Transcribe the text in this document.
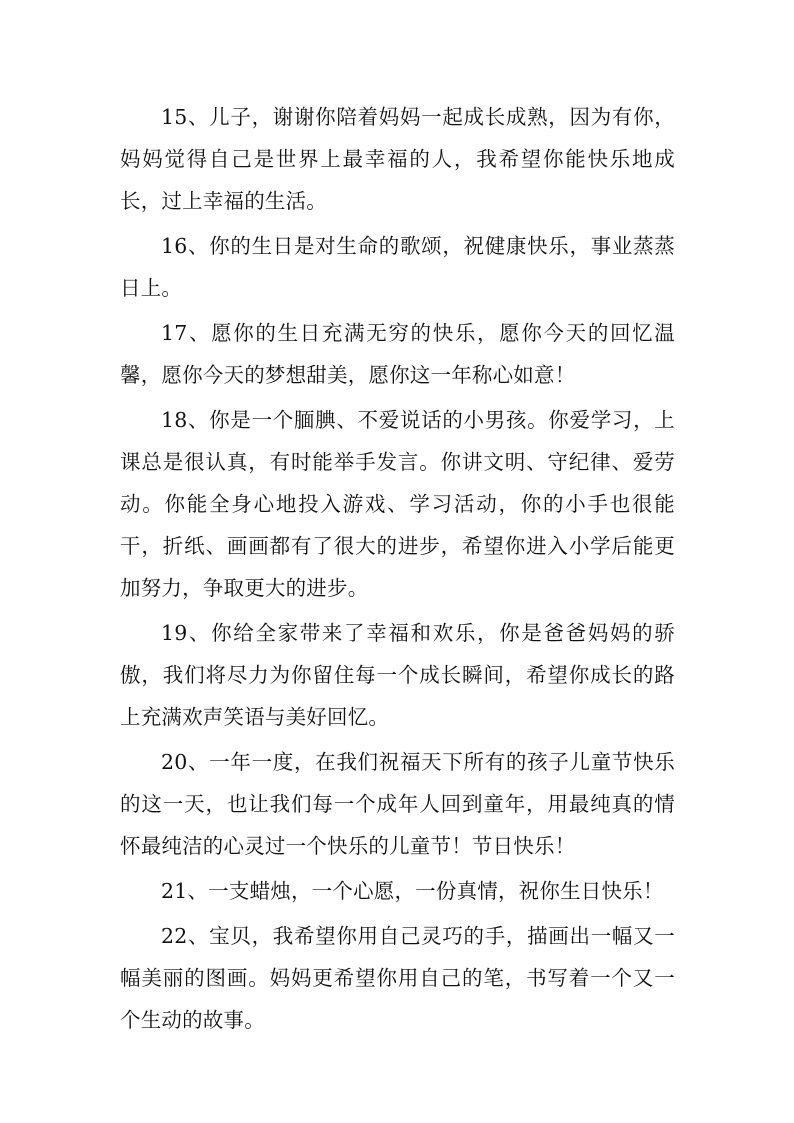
15、儿子，谢谢你陪着妈妈一起成长成熟，因为有你，妈妈觉得自己是世界上最幸福的人，我希望你能快乐地成长，过上幸福的生活。

16、你的生日是对生命的歌颂，祝健康快乐，事业蒸蒸日上。

17、愿你的生日充满无穷的快乐，愿你今天的回忆温馨，愿你今天的梦想甜美，愿你这一年称心如意！

18、你是一个腼腆、不爱说话的小男孩。你爱学习，上课总是很认真，有时能举手发言。你讲文明、守纪律、爱劳动。你能全身心地投入游戏、学习活动，你的小手也很能干，折纸、画画都有了很大的进步，希望你进入小学后能更加努力，争取更大的进步。

19、你给全家带来了幸福和欢乐，你是爸爸妈妈的骄傲，我们将尽力为你留住每一个成长瞬间，希望你成长的路上充满欢声笑语与美好回忆。

20、一年一度，在我们祝福天下所有的孩子儿童节快乐的这一天，也让我们每一个成年人回到童年，用最纯真的情怀最纯洁的心灵过一个快乐的儿童节！节日快乐！

21、一支蜡烛，一个心愿，一份真情，祝你生日快乐！

22、宝贝，我希望你用自己灵巧的手，描画出一幅又一幅美丽的图画。妈妈更希望你用自己的笔，书写着一个又一个生动的故事。
